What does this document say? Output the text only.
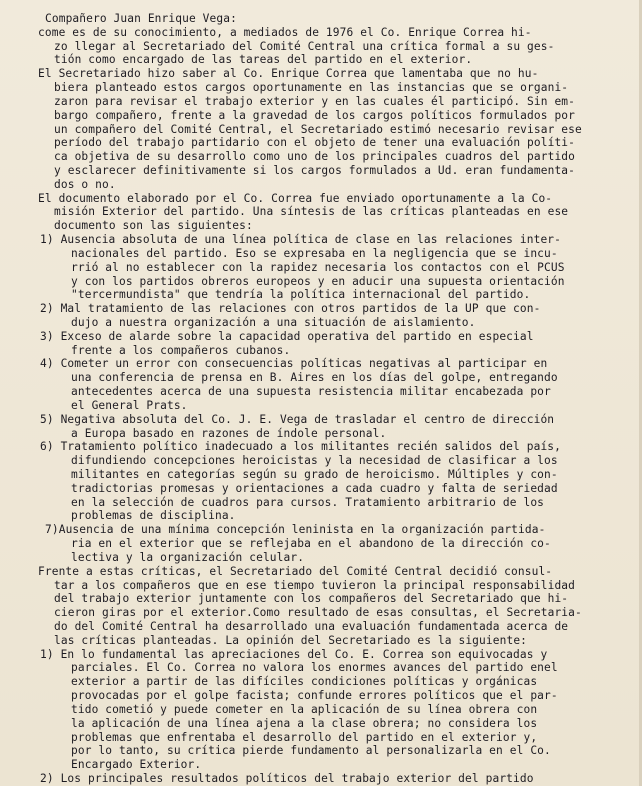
Compañero Juan Enrique Vega:
come es de su conocimiento, a mediados de 1976 el Co. Enrique Correa hi-
zo llegar al Secretariado del Comité Central una crítica formal a su ges-
tión como encargado de las tareas del partido en el exterior.
El Secretariado hizo saber al Co. Enrique Correa que lamentaba que no hu-
biera planteado estos cargos oportunamente en las instancias que se organi-
zaron para revisar el trabajo exterior y en las cuales él participó. Sin em-
bargo compañero, frente a la gravedad de los cargos políticos formulados por
un compañero del Comité Central, el Secretariado estimó necesario revisar ese
período del trabajo partidario con el objeto de tener una evaluación políti-
ca objetiva de su desarrollo como uno de los principales cuadros del partido
y esclarecer definitivamente si los cargos formulados a Ud. eran fundamenta-
dos o no.
El documento elaborado por el Co. Correa fue enviado oportunamente a la Co-
misión Exterior del partido. Una síntesis de las críticas planteadas en ese
documento son las siguientes:
1) Ausencia absoluta de una línea política de clase en las relaciones inter-
nacionales del partido. Eso se expresaba en la negligencia que se incu-
rrió al no establecer con la rapidez necesaria los contactos con el PCUS
y con los partidos obreros europeos y en aducir una supuesta orientación
"tercermundista" que tendría la política internacional del partido.
2) Mal tratamiento de las relaciones con otros partidos de la UP que con-
dujo a nuestra organización a una situación de aislamiento.
3) Exceso de alarde sobre la capacidad operativa del partido en especial
frente a los compañeros cubanos.
4) Cometer un error con consecuencias políticas negativas al participar en
una conferencia de prensa en B. Aires en los días del golpe, entregando
antecedentes acerca de una supuesta resistencia militar encabezada por
el General Prats.
5) Negativa absoluta del Co. J. E. Vega de trasladar el centro de dirección
a Europa basado en razones de índole personal.
6) Tratamiento político inadecuado a los militantes recién salidos del país,
difundiendo concepciones heroicistas y la necesidad de clasificar a los
militantes en categorías según su grado de heroicismo. Múltiples y con-
tradictorias promesas y orientaciones a cada cuadro y falta de seriedad
en la selección de cuadros para cursos. Tratamiento arbitrario de los
problemas de disciplina.
7)Ausencia de una mínima concepción leninista en la organización partida-
ria en el exterior que se reflejaba en el abandono de la dirección co-
lectiva y la organización celular.
Frente a estas críticas, el Secretariado del Comité Central decidió consul-
tar a los compañeros que en ese tiempo tuvieron la principal responsabilidad
del trabajo exterior juntamente con los compañeros del Secretariado que hi-
cieron giras por el exterior.Como resultado de esas consultas, el Secretaria-
do del Comité Central ha desarrollado una evaluación fundamentada acerca de
las críticas planteadas. La opinión del Secretariado es la siguiente:
1) En lo fundamental las apreciaciones del Co. E. Correa son equivocadas y
parciales. El Co. Correa no valora los enormes avances del partido enel
exterior a partir de las difíciles condiciones políticas y orgánicas
provocadas por el golpe facista; confunde errores políticos que el par-
tido cometió y puede cometer en la aplicación de su línea obrera con
la aplicación de una línea ajena a la clase obrera; no considera los
problemas que enfrentaba el desarrollo del partido en el exterior y,
por lo tanto, su crítica pierde fundamento al personalizarla en el Co.
Encargado Exterior.
2) Los principales resultados políticos del trabajo exterior del partido
